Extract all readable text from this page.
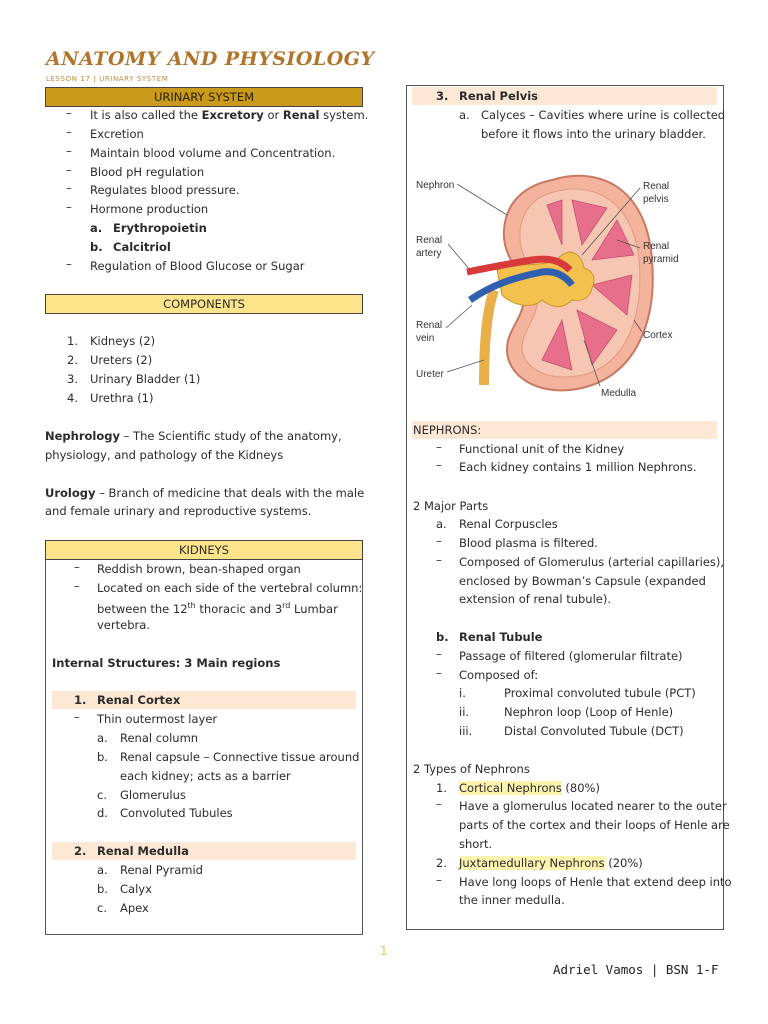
ANATOMY AND PHYSIOLOGY
LESSON 17 | URINARY SYSTEM
URINARY SYSTEM
– It is also called the Excretory or Renal system.
– Excretion
– Maintain blood volume and Concentration.
– Blood pH regulation
– Regulates blood pressure.
– Hormone production
a. Erythropoietin
b. Calcitriol
– Regulation of Blood Glucose or Sugar
COMPONENTS
1. Kidneys (2)
2. Ureters (2)
3. Urinary Bladder (1)
4. Urethra (1)
Nephrology – The Scientific study of the anatomy,
physiology, and pathology of the Kidneys
Urology – Branch of medicine that deals with the male
and female urinary and reproductive systems.
KIDNEYS
– Reddish brown, bean-shaped organ
– Located on each side of the vertebral column:
between the 12th thoracic and 3rd Lumbar
vertebra.
Internal Structures: 3 Main regions
1. Renal Cortex
– Thin outermost layer
a. Renal column
b. Renal capsule – Connective tissue around
each kidney; acts as a barrier
c. Glomerulus
d. Convoluted Tubules
2. Renal Medulla
a. Renal Pyramid
b. Calyx
c. Apex
3. Renal Pelvis
a. Calyces – Cavities where urine is collected
before it flows into the urinary bladder.
Nephron
Renal
artery
Renal
vein
Ureter
Renal
pelvis
Renal
pyramid
Cortex
Medulla
NEPHRONS:
– Functional unit of the Kidney
– Each kidney contains 1 million Nephrons.
2 Major Parts
a. Renal Corpuscles
– Blood plasma is filtered.
– Composed of Glomerulus (arterial capillaries),
enclosed by Bowman’s Capsule (expanded
extension of renal tubule).
b. Renal Tubule
– Passage of filtered (glomerular filtrate)
– Composed of:
i.	Proximal convoluted tubule (PCT)
ii.	Nephron loop (Loop of Henle)
iii.	Distal Convoluted Tubule (DCT)
2 Types of Nephrons
1. Cortical Nephrons (80%)
– Have a glomerulus located nearer to the outer
parts of the cortex and their loops of Henle are
short.
2. Juxtamedullary Nephrons (20%)
– Have long loops of Henle that extend deep into
the inner medulla.
1
Adriel Vamos | BSN 1-F
